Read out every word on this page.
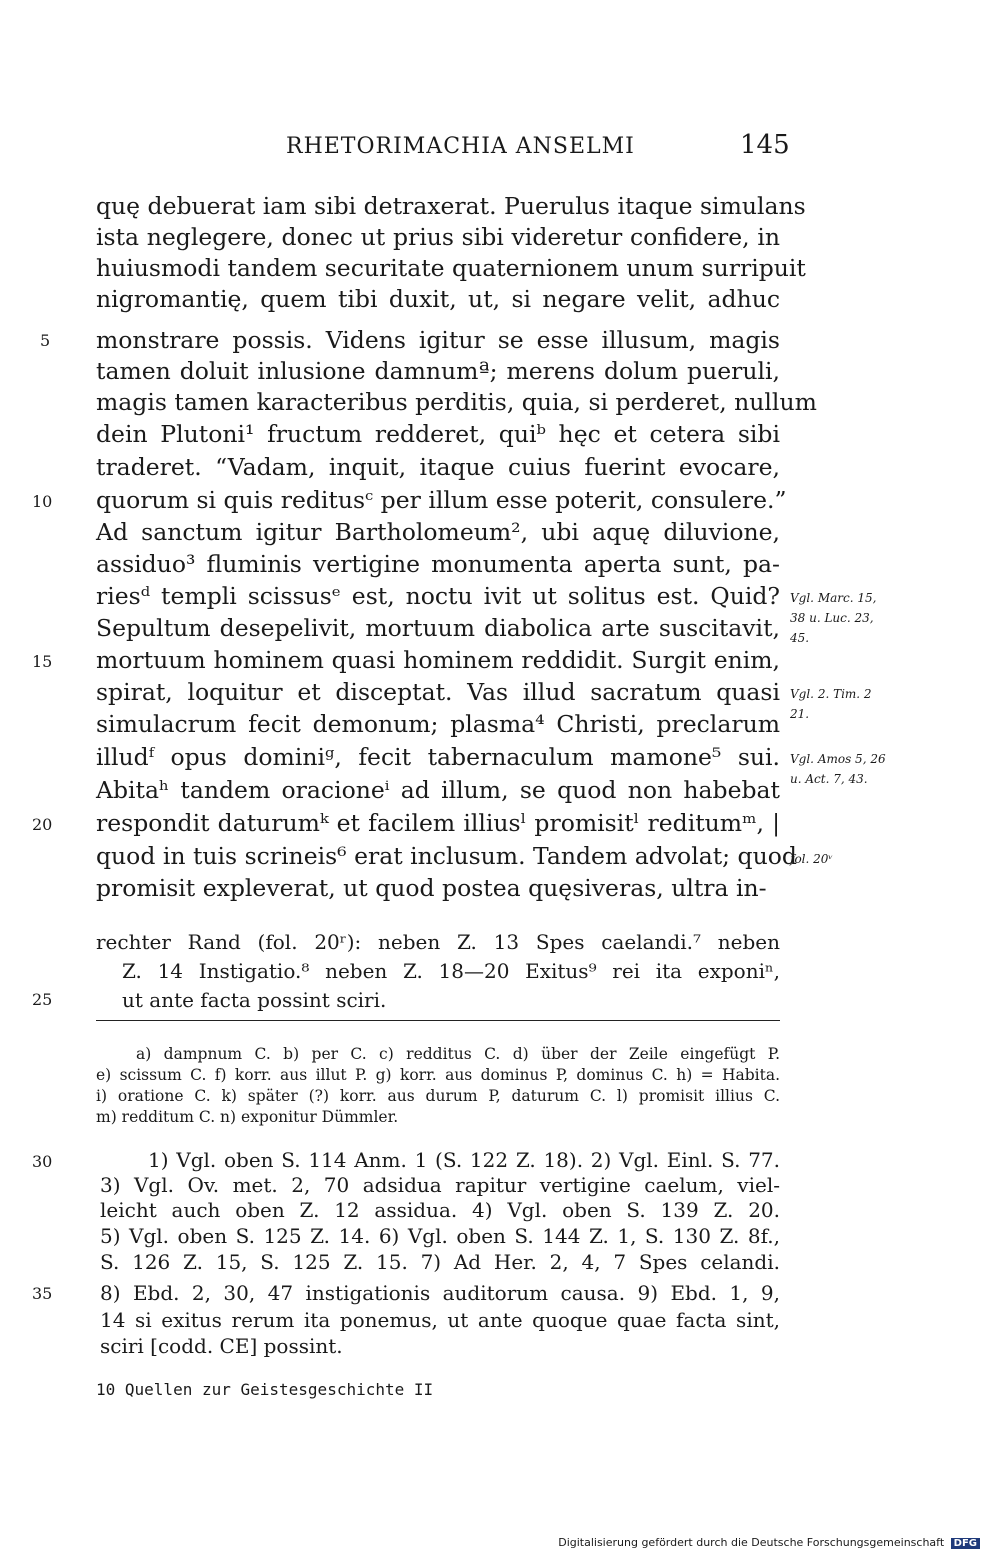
RHETORIMACHIA ANSELMI	145
quę debuerat iam sibi detraxerat. Puerulus itaque simulans
ista neglegere, donec ut prius sibi videretur confidere, in
huiusmodi tandem securitate quaternionem unum surripuit
nigromantię, quem tibi duxit, ut, si negare velit, adhuc
monstrare possis. Videns igitur se esse illusum, magis
tamen doluit inlusione damnumª; merens dolum pueruli,
magis tamen karacteribus perditis, quia, si perderet, nullum
dein Plutoni¹ fructum redderet, quiᵇ hęc et cetera sibi
traderet. “Vadam, inquit, itaque cuius fuerint evocare,
quorum si quis reditusᶜ per illum esse poterit, consulere.”
Ad sanctum igitur Bartholomeum², ubi aquę diluvione,
assiduo³ fluminis vertigine monumenta aperta sunt, pa-
riesᵈ templi scissusᵉ est, noctu ivit ut solitus est. Quid?
Sepultum desepelivit, mortuum diabolica arte suscitavit,
mortuum hominem quasi hominem reddidit. Surgit enim,
spirat, loquitur et disceptat. Vas illud sacratum quasi
simulacrum fecit demonum; plasma⁴ Christi, preclarum
illudᶠ opus dominiᵍ, fecit tabernaculum mamone⁵ sui.
Abitaʰ tandem oracioneⁱ ad illum, se quod non habebat
respondit daturumᵏ et facilem illiusˡ promisitˡ reditumᵐ, |
quod in tuis scrineis⁶ erat inclusum. Tandem advolat; quod
promisit expleverat, ut quod postea quęsiveras, ultra in-
5
10
15
20
25
30
35
Vgl. Marc. 15,
38 u. Luc. 23,
45.
Vgl. 2. Tim. 2
21.
Vgl. Amos 5, 26
u. Act. 7, 43.
fol. 20ᵛ
rechter Rand (fol. 20ʳ): neben Z. 13 Spes caelandi.⁷ neben
Z. 14 Instigatio.⁸ neben Z. 18—20 Exitus⁹ rei ita exponiⁿ,
ut ante facta possint sciri.
a) dampnum C. b) per C. c) redditus C. d) über der Zeile eingefügt P.
e) scissum C. f) korr. aus illut P. g) korr. aus dominus P, dominus C. h) = Habita.
i) oratione C. k) später (?) korr. aus durum P, daturum C. l) promisit illius C.
m) redditum C. n) exponitur Dümmler.
1) Vgl. oben S. 114 Anm. 1 (S. 122 Z. 18). 2) Vgl. Einl. S. 77.
3) Vgl. Ov. met. 2, 70 adsidua rapitur vertigine caelum, viel-
leicht auch oben Z. 12 assidua. 4) Vgl. oben S. 139 Z. 20.
5) Vgl. oben S. 125 Z. 14. 6) Vgl. oben S. 144 Z. 1, S. 130 Z. 8f.,
S. 126 Z. 15, S. 125 Z. 15. 7) Ad Her. 2, 4, 7 Spes celandi.
8) Ebd. 2, 30, 47 instigationis auditorum causa. 9) Ebd. 1, 9,
14 si exitus rerum ita ponemus, ut ante quoque quae facta sint,
sciri [codd. CE] possint.
10 Quellen zur Geistesgeschichte II
Digitalisierung gefördert durch die Deutsche Forschungsgemeinschaft DFG
